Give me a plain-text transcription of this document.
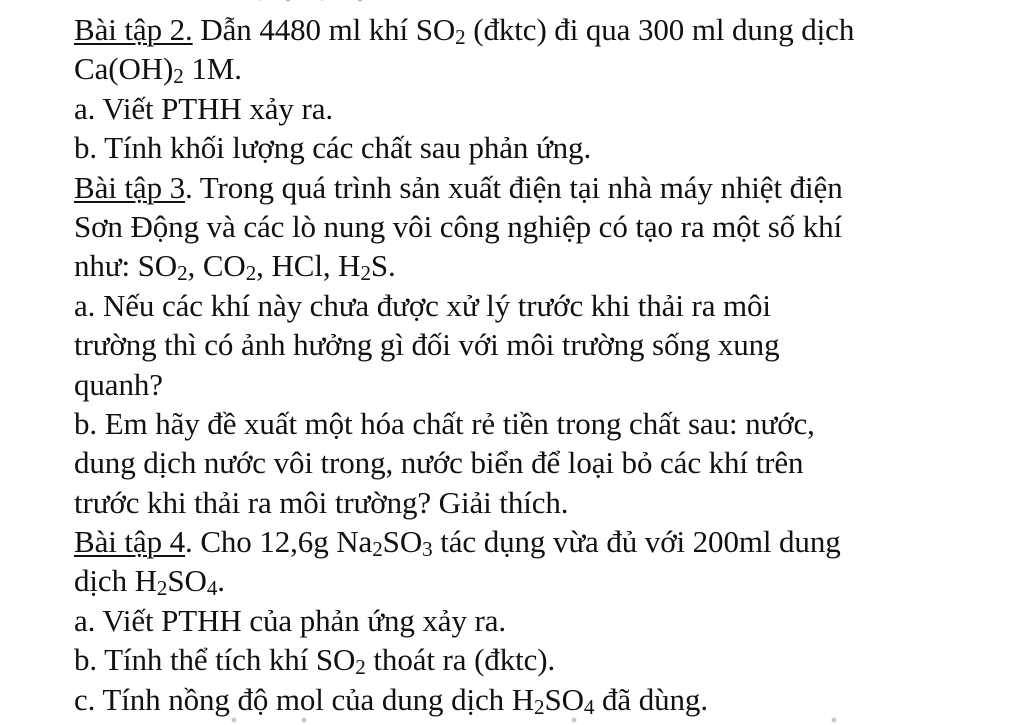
Bài tập 2. Dẫn 4480 ml khí $SO_2$ (đktc) đi qua 300 ml dung dịch
$Ca(OH)_2$ 1M.
a. Viết PTHH xảy ra.
b. Tính khối lượng các chất sau phản ứng.
Bài tập 3. Trong quá trình sản xuất điện tại nhà máy nhiệt điện
Sơn Động và các lò nung vôi công nghiệp có tạo ra một số khí
như: $SO_2$, $CO_2$, HCl, $H_2S$.
a. Nếu các khí này chưa được xử lý trước khi thải ra môi
trường thì có ảnh hưởng gì đối với môi trường sống xung
quanh?
b. Em hãy đề xuất một hóa chất rẻ tiền trong chất sau: nước,
dung dịch nước vôi trong, nước biển để loại bỏ các khí trên
trước khi thải ra môi trường? Giải thích.
Bài tập 4. Cho 12,6g $Na_2SO_3$ tác dụng vừa đủ với 200ml dung
dịch $H_2SO_4$.
a. Viết PTHH của phản ứng xảy ra.
b. Tính thể tích khí $SO_2$ thoát ra (đktc).
c. Tính nồng độ mol của dung dịch $H_2SO_4$ đã dùng.
